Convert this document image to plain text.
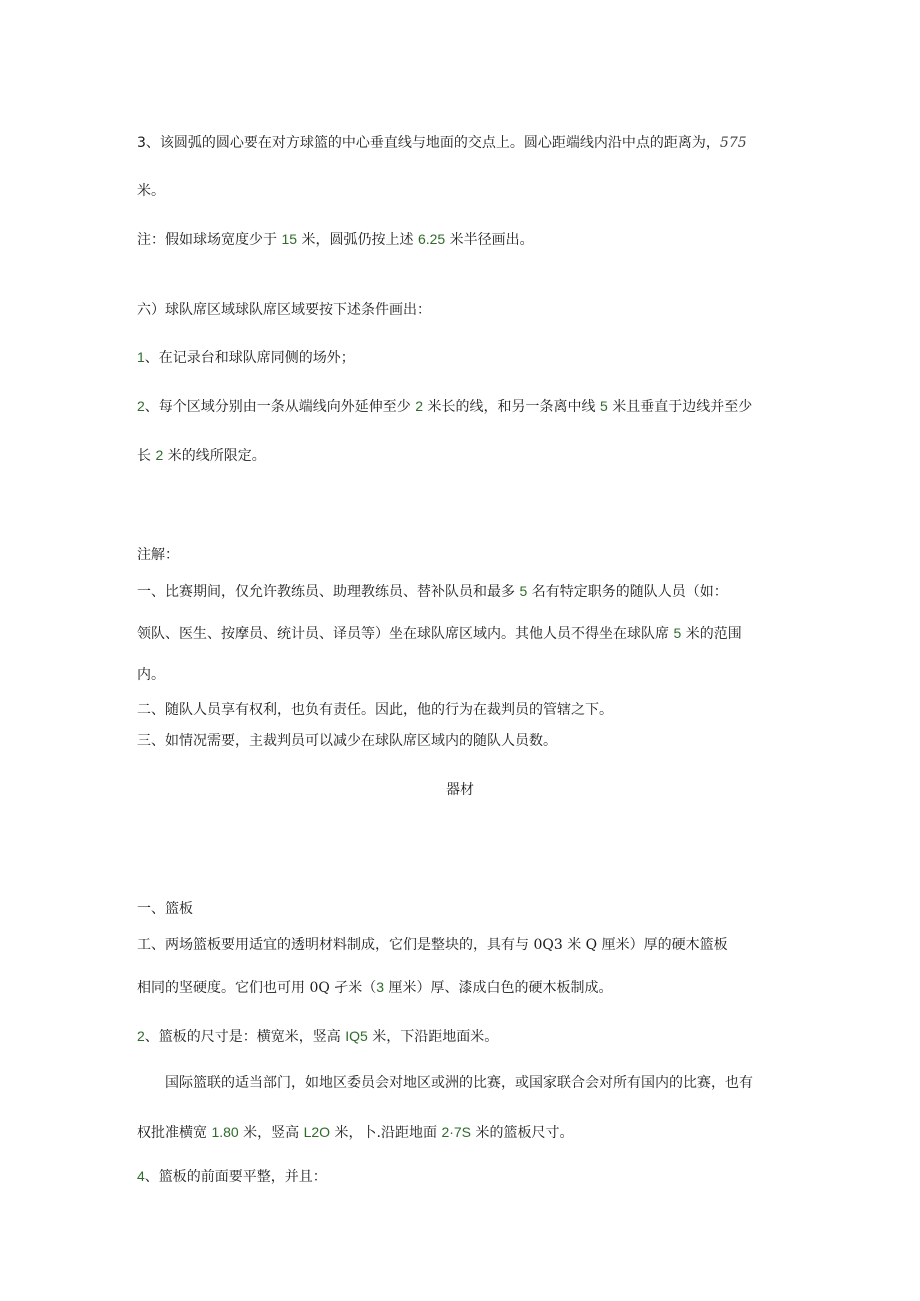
3、该圆弧的圆心要在对方球篮的中心垂直线与地面的交点上。圆心距端线内沿中点的距离为，575
米。
注：假如球场宽度少于 15 米，圆弧仍按上述 6.25 米半径画出。
六）球队席区域球队席区域要按下述条件画出：
1、在记录台和球队席同侧的场外；
2、每个区域分别由一条从端线向外延伸至少 2 米长的线，和另一条离中线 5 米且垂直于边线并至少
长 2 米的线所限定。
注解：
一、比赛期间，仅允许教练员、助理教练员、替补队员和最多 5 名有特定职务的随队人员（如：
领队、医生、按摩员、统计员、译员等）坐在球队席区域内。其他人员不得坐在球队席 5 米的范围
内。
二、随队人员享有权利，也负有责任。因此，他的行为在裁判员的管辖之下。
三、如情况需要，主裁判员可以减少在球队席区域内的随队人员数。
器材
一、篮板
工、两场篮板要用适宜的透明材料制成，它们是整块的，具有与 0Q3 米 Q 厘米）厚的硬木篮板
相同的坚硬度。它们也可用 0Q 孑米（3 厘米）厚、漆成白色的硬木板制成。
2、篮板的尺寸是：横宽米，竖高 IQ5 米，下沿距地面米。
国际篮联的适当部门，如地区委员会对地区或洲的比赛，或国家联合会对所有国内的比赛，也有
权批准横宽 1.80 米，竖高 L2O 米，卜.沿距地面 2·7S 米的篮板尺寸。
4、篮板的前面要平整，并且：
